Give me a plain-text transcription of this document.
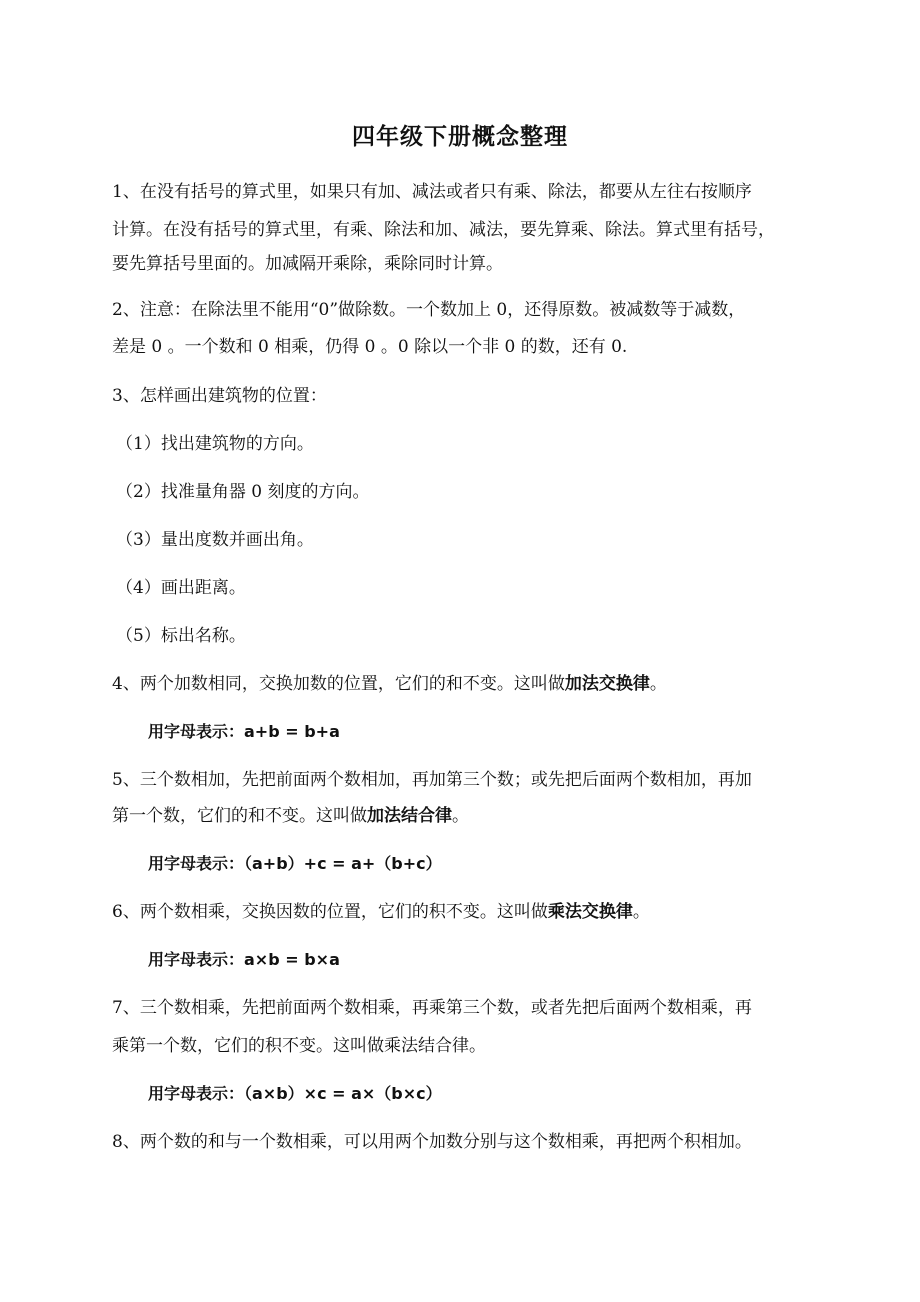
四年级下册概念整理
1、在没有括号的算式里，如果只有加、减法或者只有乘、除法，都要从左往右按顺序
计算。在没有括号的算式里，有乘、除法和加、减法，要先算乘、除法。算式里有括号，
要先算括号里面的。加减隔开乘除，乘除同时计算。
2、注意：在除法里不能用“0”做除数。一个数加上 0，还得原数。被减数等于减数，
差是 0 。一个数和 0 相乘，仍得 0 。0 除以一个非 0 的数，还有 0.
3、怎样画出建筑物的位置：
（1）找出建筑物的方向。
（2）找准量角器 0 刻度的方向。
（3）量出度数并画出角。
（4）画出距离。
（5）标出名称。
4、两个加数相同，交换加数的位置，它们的和不变。这叫做加法交换律。
用字母表示：a+b = b+a
5、三个数相加，先把前面两个数相加，再加第三个数；或先把后面两个数相加，再加
第一个数，它们的和不变。这叫做加法结合律。
用字母表示：（a+b）+c = a+（b+c）
6、两个数相乘，交换因数的位置，它们的积不变。这叫做乘法交换律。
用字母表示：a×b = b×a
7、三个数相乘，先把前面两个数相乘，再乘第三个数，或者先把后面两个数相乘，再
乘第一个数，它们的积不变。这叫做乘法结合律。
用字母表示：（a×b）×c = a×（b×c）
8、两个数的和与一个数相乘，可以用两个加数分别与这个数相乘，再把两个积相加。
